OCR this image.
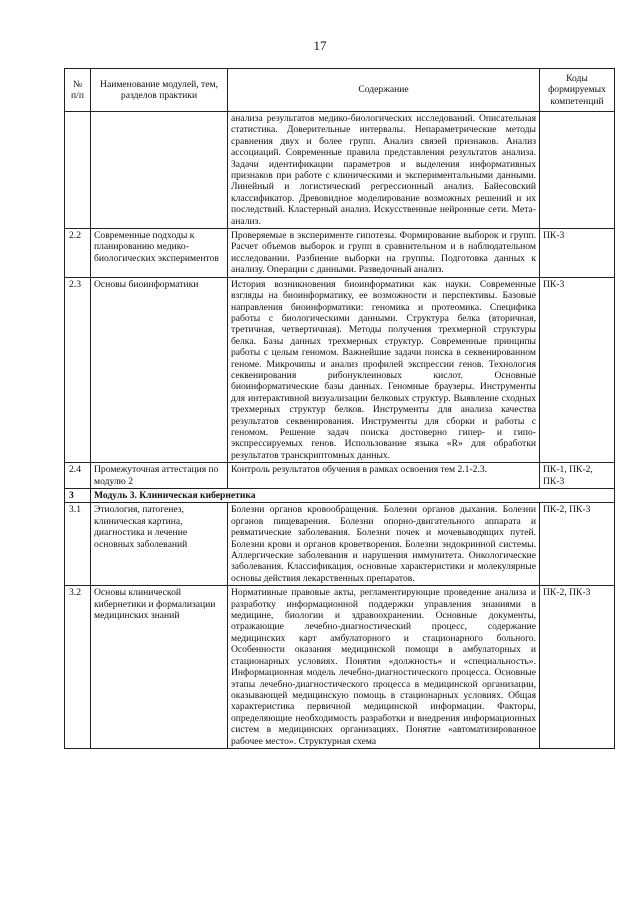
17
№ п/п	Наименование модулей, тем, разделов практики	Содержание	Коды формируемых компетенций
		анализа результатов медико-биологических исследований. Описательная статистика. Доверительные интервалы. Непараметрические методы сравнения двух и более групп. Анализ связей признаков. Анализ ассоциаций. Современные правила представления результатов анализа. Задачи идентификации параметров и выделения информативных признаков при работе с клиническими и экспериментальными данными. Линейный и логистический регрессионный анализ. Байесовский классификатор. Древовидное моделирование возможных решений и их последствий. Кластерный анализ. Искусственные нейронные сети. Мета-анализ.	
2.2	Современные подходы к планированию медико-биологических экспериментов	Проверяемые в эксперименте гипотезы. Формирование выборок и групп. Расчет объемов выборок и групп в сравнительном и в наблюдательном исследовании. Разбиение выборки на группы. Подготовка данных к анализу. Операции с данными. Разведочный анализ.	ПК-3
2.3	Основы биоинформатики	История возникновения биоинформатики как науки. Современные взгляды на биоинформатику, ее возможности и перспективы. Базовые направления биоинформатики: геномика и протеомика. Специфика работы с биологическими данными. Структура белка (вторичная, третичная, четвертичная). Методы получения трехмерной структуры белка. Базы данных трехмерных структур. Современные принципы работы с целым геномом. Важнейшие задачи поиска в секвенированном геноме. Микрочипы и анализ профилей экспрессии генов. Технология секвенирования рибонуклеиновых кислот. Основные биоинформатические базы данных. Геномные браузеры. Инструменты для интерактивной визуализации белковых структур. Выявление сходных трехмерных структур белков. Инструменты для анализа качества результатов секвенирования. Инструменты для сборки и работы с геномом. Решение задач поиска достоверно гипер- и гипо-экспрессируемых генов. Использование языка «R» для обработки результатов транскриптомных данных.	ПК-3
2.4	Промежуточная аттестация по модулю 2	Контроль результатов обучения в рамках освоения тем 2.1-2.3.	ПК-1, ПК-2, ПК-3
3	Модуль 3. Клиническая кибернетика		
3.1	Этиология, патогенез, клиническая картина, диагностика и лечение основных заболеваний	Болезни органов кровообращения. Болезни органов дыхания. Болезни органов пищеварения. Болезни опорно-двигательного аппарата и ревматические заболевания. Болезни почек и мочевыводящих путей. Болезни крови и органов кроветворения. Болезни эндокринной системы. Аллергические заболевания и нарушения иммунитета. Онкологические заболевания. Классификация, основные характеристики и молекулярные основы действия лекарственных препаратов.	ПК-2, ПК-3
3.2	Основы клинической кибернетики и формализации медицинских знаний	Нормативные правовые акты, регламентирующие проведение анализа и разработку информационной поддержки управления знаниями в медицине, биологии и здравоохранении. Основные документы, отражающие лечебно-диагностический процесс, содержание медицинских карт амбулаторного и стационарного больного. Особенности оказания медицинской помощи в амбулаторных и стационарных условиях. Понятия «должность» и «специальность». Информационная модель лечебно-диагностического процесса. Основные этапы лечебно-диагностического процесса в медицинской организации, оказывающей медицинскую помощь в стационарных условиях. Общая характеристика первичной медицинской информации. Факторы, определяющие необходимость разработки и внедрения информационных систем в медицинских организациях. Понятие «автоматизированное рабочее место». Структурная схема	ПК-2, ПК-3
